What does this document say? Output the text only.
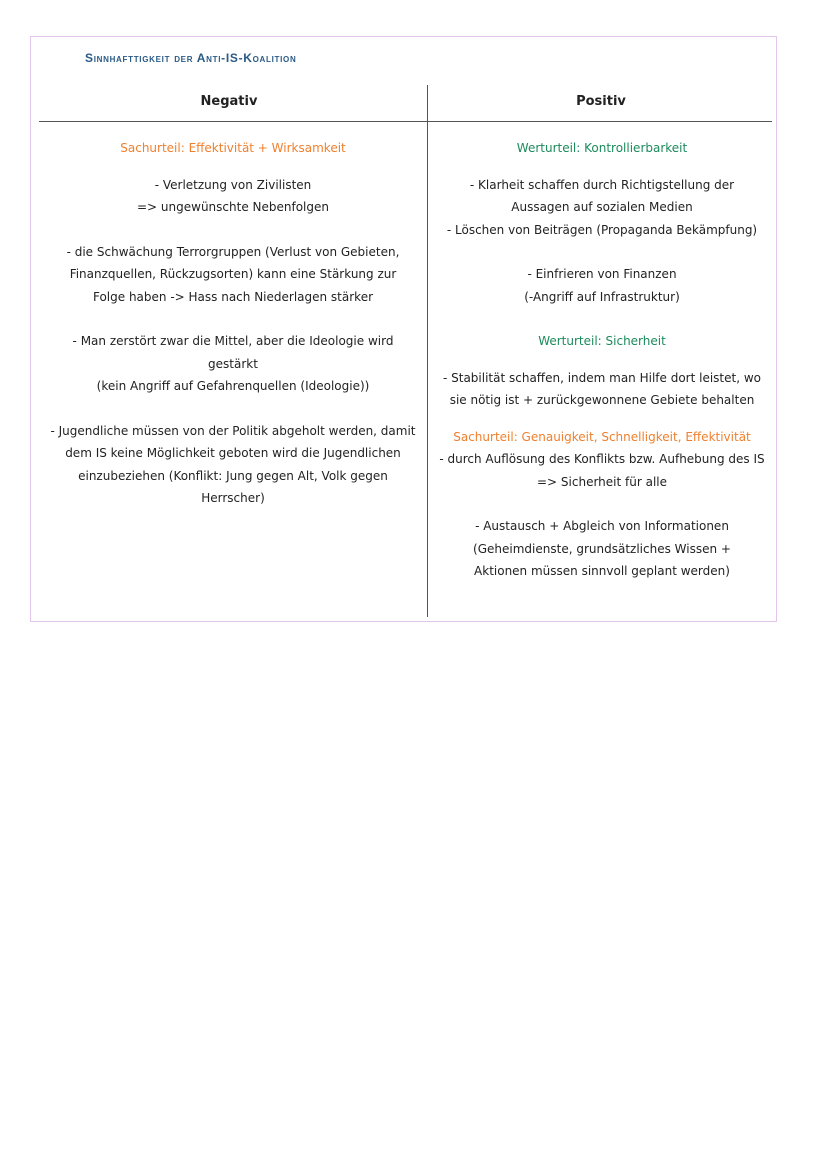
Sinnhafttigkeit der Anti-IS-Koalition
Negativ	Positiv

Sachurteil: Effektivität + Wirksamkeit

- Verletzung von Zivilisten

=> ungewünschte Nebenfolgen

- die Schwächung Terrorgruppen (Verlust von Gebieten,

Finanzquellen, Rückzugsorten) kann eine Stärkung zur

Folge haben -> Hass nach Niederlagen stärker

- Man zerstört zwar die Mittel, aber die Ideologie wird gestärkt

(kein Angriff auf Gefahrenquellen (Ideologie))

- Jugendliche müssen von der Politik abgeholt werden, damit

dem IS keine Möglichkeit geboten wird die Jugendlichen

einzubeziehen (Konflikt: Jung gegen Alt, Volk gegen Herrscher)

Werturteil: Kontrollierbarkeit

- Klarheit schaffen durch Richtigstellung der

Aussagen auf sozialen Medien

- Löschen von Beiträgen (Propaganda Bekämpfung)

- Einfrieren von Finanzen

(-Angriff auf Infrastruktur)

Werturteil: Sicherheit

- Stabilität schaffen, indem man Hilfe dort leistet, wo

sie nötig ist + zurückgewonnene Gebiete behalten

Sachurteil: Genauigkeit, Schnelligkeit, Effektivität

- durch Auflösung des Konflikts bzw. Aufhebung des IS

=> Sicherheit für alle

- Austausch + Abgleich von Informationen

(Geheimdienste, grundsätzliches Wissen +

Aktionen müssen sinnvoll geplant werden)
